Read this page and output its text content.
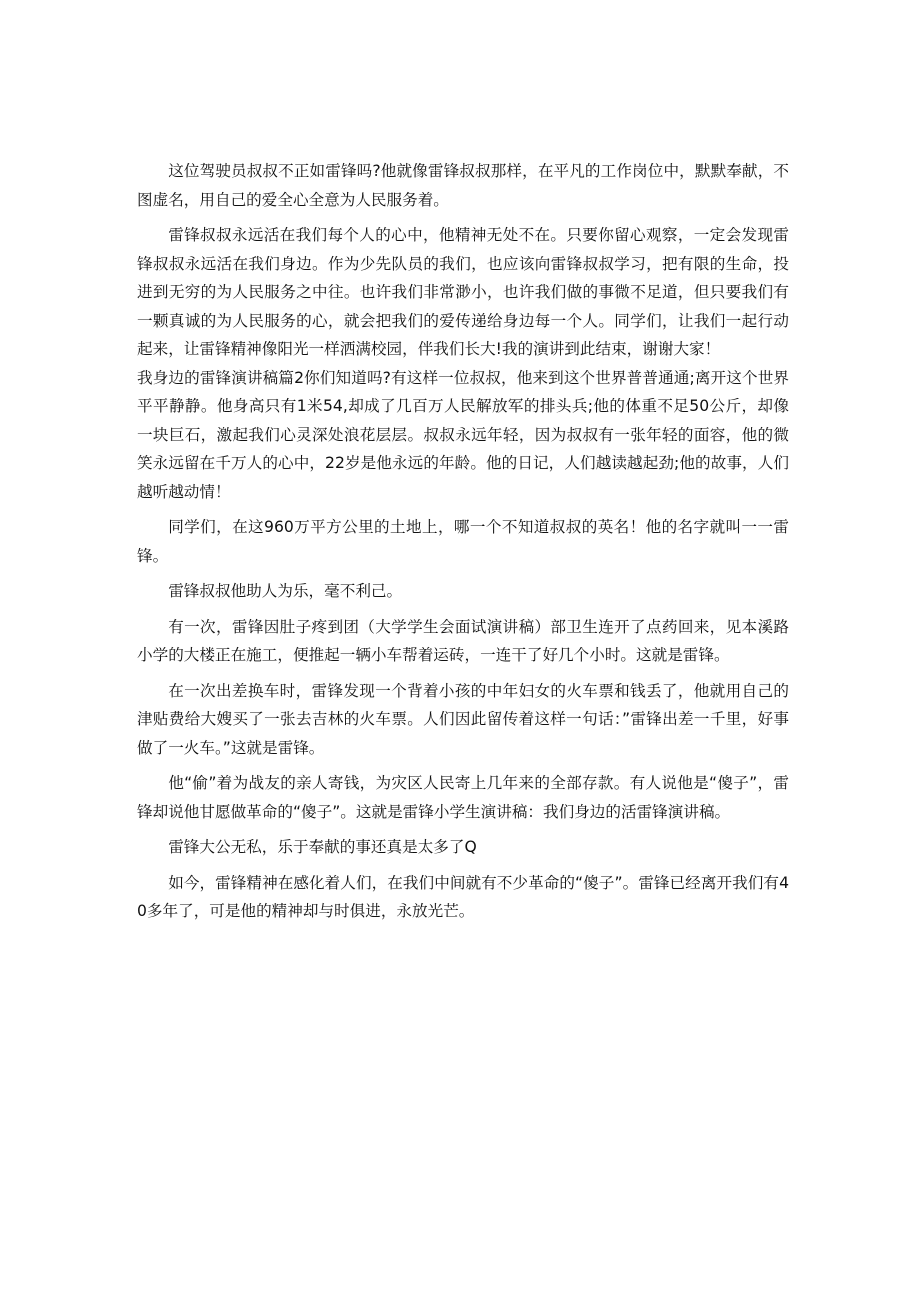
这位驾驶员叔叔不正如雷锋吗?他就像雷锋叔叔那样，在平凡的工作岗位中，默默奉献，不图虚名，用自己的爱全心全意为人民服务着。

雷锋叔叔永远活在我们每个人的心中，他精神无处不在。只要你留心观察，一定会发现雷锋叔叔永远活在我们身边。作为少先队员的我们，也应该向雷锋叔叔学习，把有限的生命，投进到无穷的为人民服务之中往。也许我们非常渺小，也许我们做的事微不足道，但只要我们有一颗真诚的为人民服务的心，就会把我们的爱传递给身边每一个人。同学们，让我们一起行动起来，让雷锋精神像阳光一样洒满校园，伴我们长大!我的演讲到此结束，谢谢大家！

我身边的雷锋演讲稿篇2你们知道吗?有这样一位叔叔，他来到这个世界普普通通;离开这个世界平平静静。他身高只有1米54,却成了几百万人民解放军的排头兵;他的体重不足50公斤，却像一块巨石，激起我们心灵深处浪花层层。叔叔永远年轻，因为叔叔有一张年轻的面容，他的微笑永远留在千万人的心中，22岁是他永远的年龄。他的日记，人们越读越起劲;他的故事，人们越听越动情！

同学们，在这960万平方公里的土地上，哪一个不知道叔叔的英名！他的名字就叫一一雷锋。

雷锋叔叔他助人为乐，毫不利己。

有一次，雷锋因肚子疼到团（大学学生会面试演讲稿）部卫生连开了点药回来，见本溪路小学的大楼正在施工，便推起一辆小车帮着运砖，一连干了好几个小时。这就是雷锋。

在一次出差换车时，雷锋发现一个背着小孩的中年妇女的火车票和钱丢了，他就用自己的津贴费给大嫂买了一张去吉林的火车票。人们因此留传着这样一句话：”雷锋出差一千里，好事做了一火车。”这就是雷锋。

他“偷”着为战友的亲人寄钱，为灾区人民寄上几年来的全部存款。有人说他是“傻子”，雷锋却说他甘愿做革命的“傻子”。这就是雷锋小学生演讲稿：我们身边的活雷锋演讲稿。

雷锋大公无私，乐于奉献的事还真是太多了Q

如今，雷锋精神在感化着人们，在我们中间就有不少革命的“傻子”。雷锋已经离开我们有40多年了，可是他的精神却与时俱进，永放光芒。
